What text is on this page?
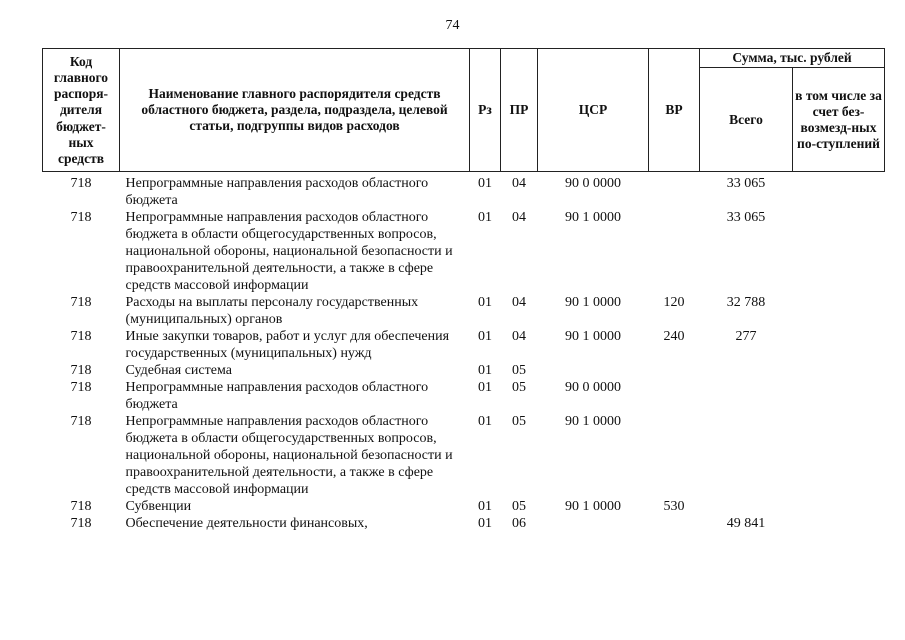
74
Код главного распоря-дителя бюджет-ных средств	Наименование главного распорядителя средств областного бюджета, раздела, подраздела, целевой статьи, подгруппы видов расходов	Рз	ПР	ЦСР	ВР	Сумма, тыс. рублей	
						Всего	в том числе за счет без-возмезд-ных по-ступлений
718	Непрограммные направления расходов областного бюджета	01	04	90 0 0000		33 065	
718	Непрограммные направления расходов областного бюджета в области общегосударственных вопросов, национальной обороны, национальной безопасности и правоохранительной деятельности, а также в сфере средств массовой информации	01	04	90 1 0000		33 065	
718	Расходы на выплаты персоналу государственных (муниципальных) органов	01	04	90 1 0000	120	32 788	
718	Иные закупки товаров, работ и услуг для обеспечения государственных (муниципальных) нужд	01	04	90 1 0000	240	277	
718	Судебная система	01	05				
718	Непрограммные направления расходов областного бюджета	01	05	90 0 0000			
718	Непрограммные направления расходов областного бюджета в области общегосударственных вопросов, национальной обороны, национальной безопасности и правоохранительной деятельности, а также в сфере средств массовой информации	01	05	90 1 0000			
718	Субвенции	01	05	90 1 0000	530		
718	Обеспечение деятельности финансовых,	01	06			49 841	
